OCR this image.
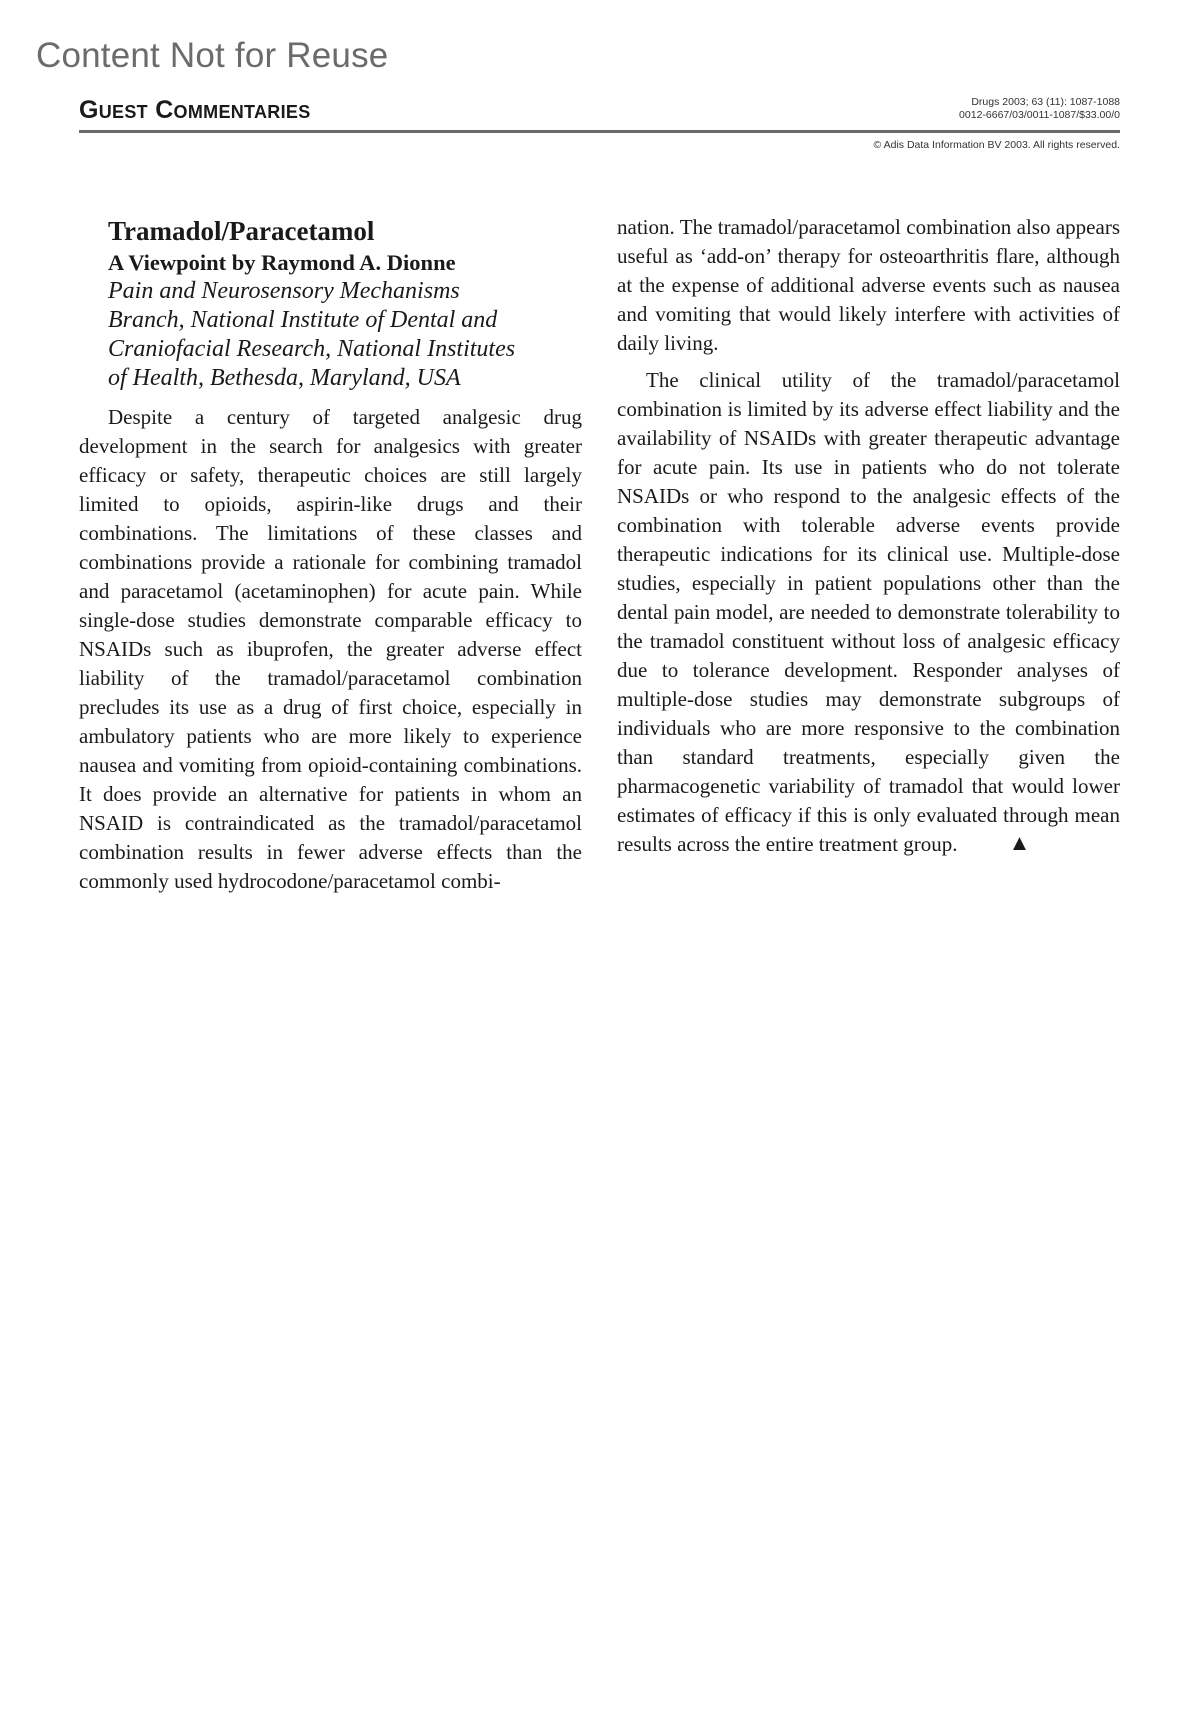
Content Not for Reuse
Guest Commentaries	Drugs 2003; 63 (11): 1087-1088
0012-6667/03/0011-1087/$33.00/0
© Adis Data Information BV 2003. All rights reserved.
Tramadol/Paracetamol
A Viewpoint by Raymond A. Dionne
Pain and Neurosensory Mechanisms
Branch, National Institute of Dental and
Craniofacial Research, National Institutes
of Health, Bethesda, Maryland, USA

Despite a century of targeted analgesic drug development in the search for analgesics with greater efficacy or safety, therapeutic choices are still largely limited to opioids, aspirin-like drugs and their combinations. The limitations of these classes and combinations provide a rationale for combining tramadol and paracetamol (acetaminophen) for acute pain. While single-dose studies demonstrate comparable efficacy to NSAIDs such as ibuprofen, the greater adverse effect liability of the tramadol/paracetamol combination precludes its use as a drug of first choice, especially in ambulatory patients who are more likely to experience nausea and vomiting from opioid-containing combinations. It does provide an alternative for patients in whom an NSAID is contraindicated as the tramadol/paracetamol combination results in fewer adverse effects than the commonly used hydrocodone/paracetamol combi-

nation. The tramadol/paracetamol combination also appears useful as ‘add-on’ therapy for osteoarthritis flare, although at the expense of additional adverse events such as nausea and vomiting that would likely interfere with activities of daily living.

The clinical utility of the tramadol/paracetamol combination is limited by its adverse effect liability and the availability of NSAIDs with greater therapeutic advantage for acute pain. Its use in patients who do not tolerate NSAIDs or who respond to the analgesic effects of the combination with tolerable adverse events provide therapeutic indications for its clinical use. Multiple-dose studies, especially in patient populations other than the dental pain model, are needed to demonstrate tolerability to the tramadol constituent without loss of analgesic efficacy due to tolerance development. Responder analyses of multiple-dose studies may demonstrate subgroups of individuals who are more responsive to the combination than standard treatments, especially given the pharmacogenetic variability of tramadol that would lower estimates of efficacy if this is only evaluated through mean results across the entire treatment group. ▲
